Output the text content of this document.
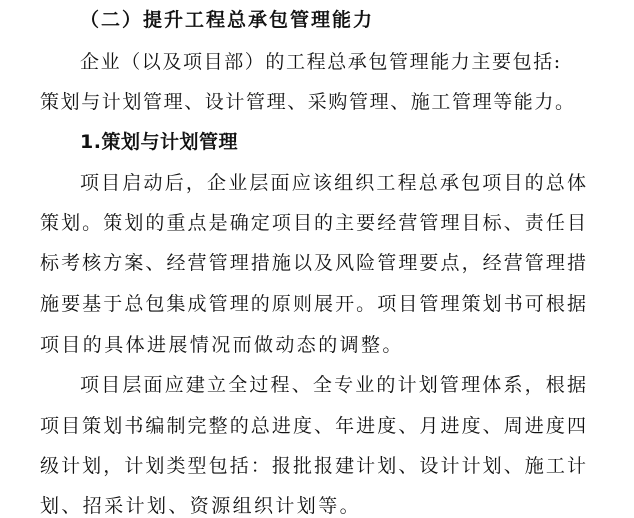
（二）提升工程总承包管理能力
企业（以及项目部）的工程总承包管理能力主要包括:
策划与计划管理、设计管理、采购管理、施工管理等能力。
1.策划与计划管理
项 目 启 动 后 ， 企 业 层 面 应 该 组 织 工 程 总 承 包 项 目 的 总 体
策 划 。 策 划 的 重 点 是 确 定 项 目 的 主 要 经 营 管 理 目 标 、 责 任 目
标 考 核 方 案 、 经 营 管 理 措 施 以 及 风 险 管 理 要 点 ， 经 营 管 理 措
施 要 基 于 总 包 集 成 管 理 的 原 则 展 开 。 项 目 管 理 策 划 书 可 根 据
项目的具体进展情况而做动态的调整。
项 目 层 面 应 建 立 全 过 程 、 全 专 业 的 计 划 管 理 体 系 ， 根 据
项 目 策 划 书 编 制 完 整 的 总 进 度 、 年 进 度 、 月 进 度 、 周 进 度 四
级 计 划 ， 计 划 类 型 包 括 ： 报 批 报 建 计 划 、 设 计 计 划 、 施 工 计
划、招采计划、资源组织计划等。
